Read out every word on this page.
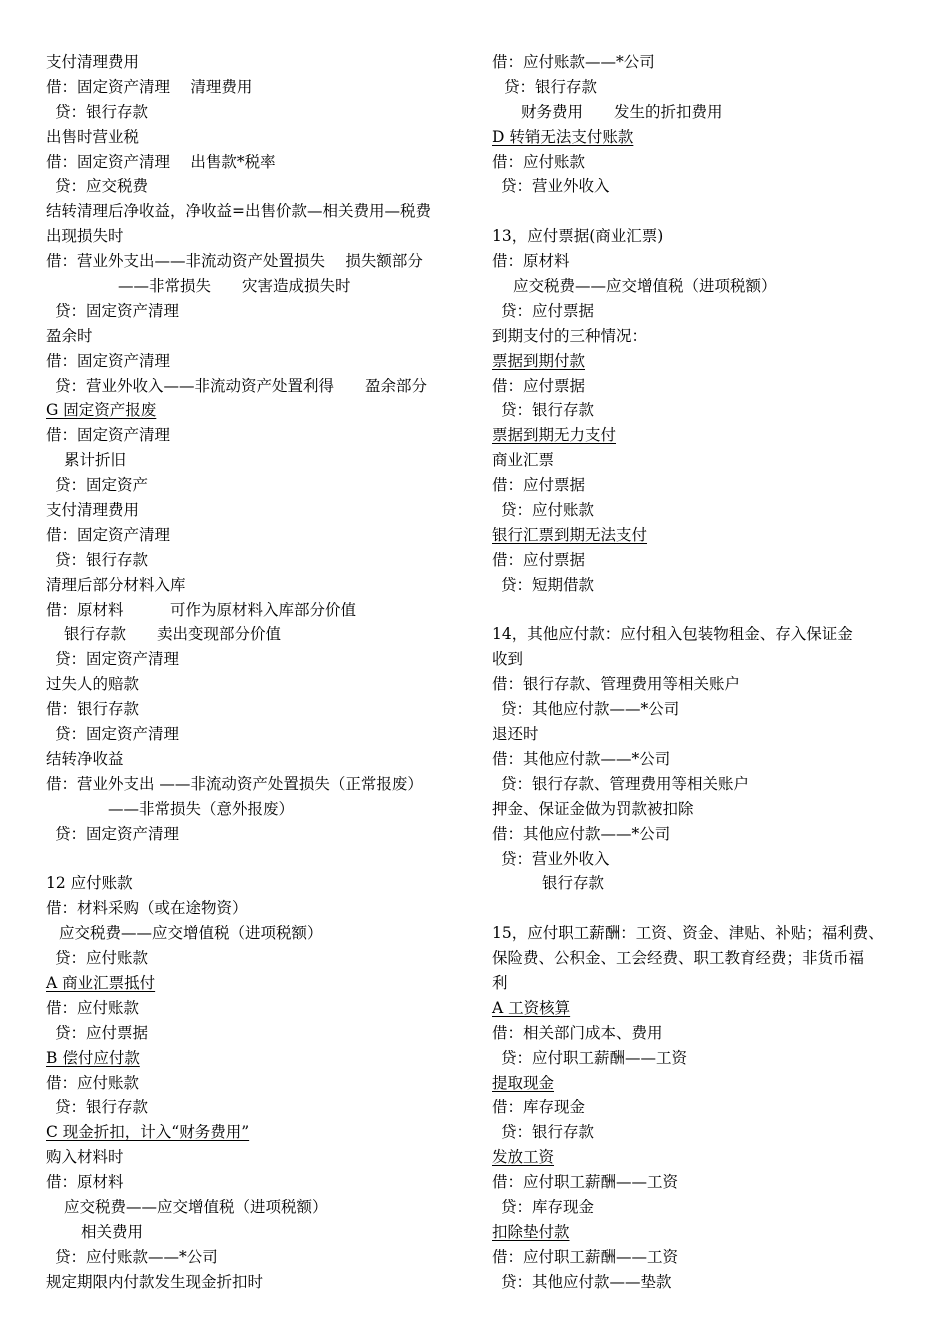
支付清理费用
借：固定资产清理　 清理费用
贷：银行存款
出售时营业税
借：固定资产清理　 出售款*税率
贷：应交税费
结转清理后净收益，净收益=出售价款—相关费用—税费
出现损失时
借：营业外支出——非流动资产处置损失　 损失额部分
——非常损失　　灾害造成损失时
贷：固定资产清理
盈余时
借：固定资产清理
贷：营业外收入——非流动资产处置利得　　盈余部分
G 固定资产报废
借：固定资产清理
累计折旧
贷：固定资产
支付清理费用
借：固定资产清理
贷：银行存款
清理后部分材料入库
借：原材料　　　可作为原材料入库部分价值
银行存款　　卖出变现部分价值
贷：固定资产清理
过失人的赔款
借：银行存款
贷：固定资产清理
结转净收益
借：营业外支出 ——非流动资产处置损失（正常报废）
——非常损失（意外报废）
贷：固定资产清理
12 应付账款
借：材料采购（或在途物资）
应交税费——应交增值税（进项税额）
贷：应付账款
A 商业汇票抵付
借：应付账款
贷：应付票据
B 偿付应付款
借：应付账款
贷：银行存款
C 现金折扣，计入“财务费用”
购入材料时
借：原材料
应交税费——应交增值税（进项税额）
相关费用
贷：应付账款——*公司
规定期限内付款发生现金折扣时
借：应付账款——*公司
贷：银行存款
财务费用　　发生的折扣费用
D 转销无法支付账款
借：应付账款
贷：营业外收入
13，应付票据(商业汇票)
借：原材料
应交税费——应交增值税（进项税额）
贷：应付票据
到期支付的三种情况：
票据到期付款
借：应付票据
贷：银行存款
票据到期无力支付
商业汇票
借：应付票据
贷：应付账款
银行汇票到期无法支付
借：应付票据
贷：短期借款
14，其他应付款：应付租入包装物租金、存入保证金
收到
借：银行存款、管理费用等相关账户
贷：其他应付款——*公司
退还时
借：其他应付款——*公司
贷：银行存款、管理费用等相关账户
押金、保证金做为罚款被扣除
借：其他应付款——*公司
贷：营业外收入
银行存款
15，应付职工薪酬：工资、资金、津贴、补贴；福利费、
保险费、公积金、工会经费、职工教育经费；非货币福
利
A 工资核算
借：相关部门成本、费用
贷：应付职工薪酬——工资
提取现金
借：库存现金
贷：银行存款
发放工资
借：应付职工薪酬——工资
贷：库存现金
扣除垫付款
借：应付职工薪酬——工资
贷：其他应付款——垫款
